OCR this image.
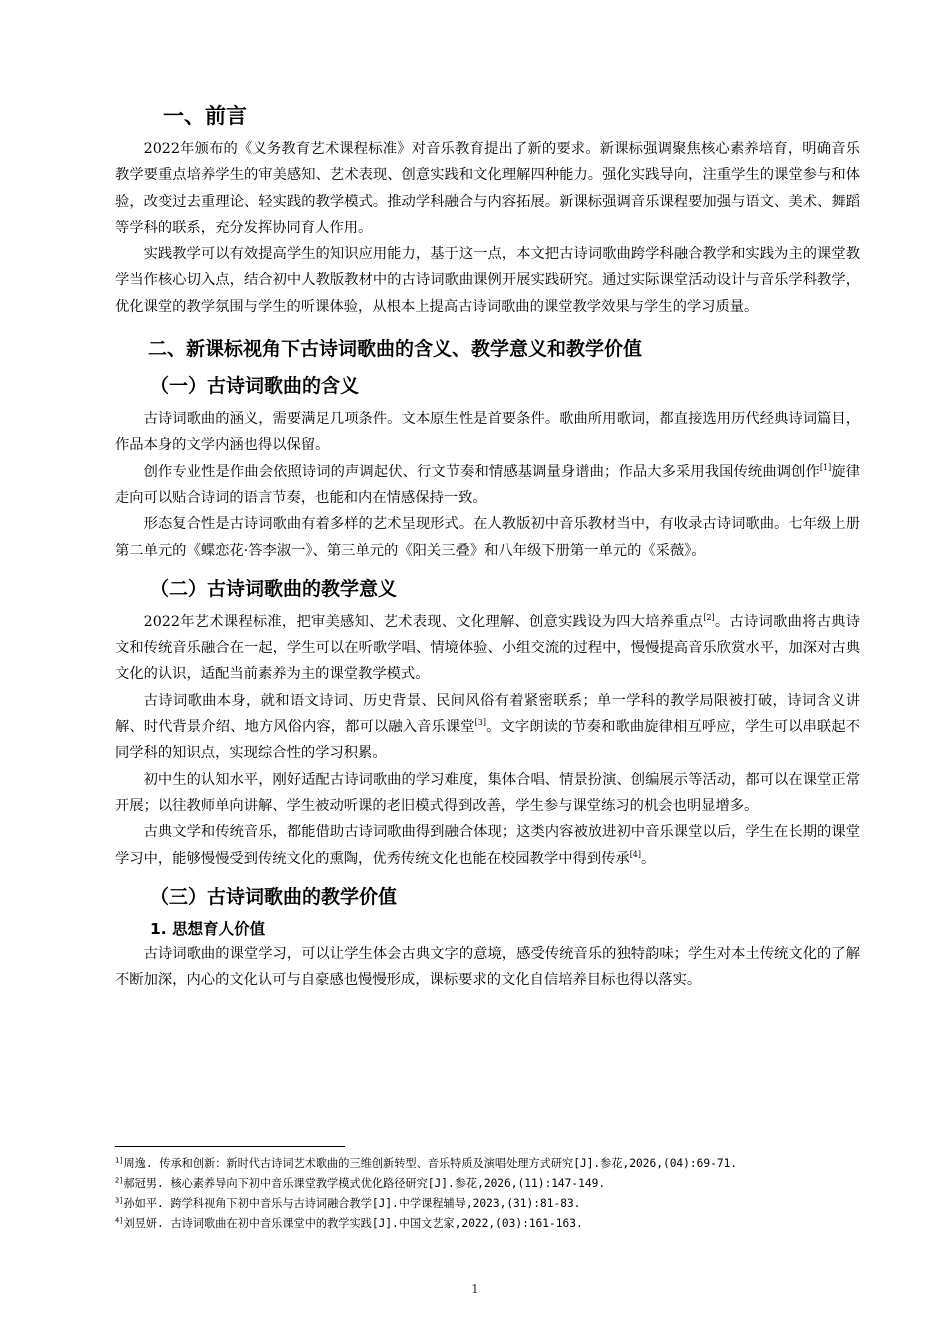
一、前言

2022年颁布的《义务教育艺术课程标准》对音乐教育提出了新的要求。新课标强调聚焦核心素养培育，明确音乐教学要重点培养学生的审美感知、艺术表现、创意实践和文化理解四种能力。强化实践导向，注重学生的课堂参与和体验，改变过去重理论、轻实践的教学模式。推动学科融合与内容拓展。新课标强调音乐课程要加强与语文、美术、舞蹈等学科的联系，充分发挥协同育人作用。

实践教学可以有效提高学生的知识应用能力，基于这一点，本文把古诗词歌曲跨学科融合教学和实践为主的课堂教学当作核心切入点，结合初中人教版教材中的古诗词歌曲课例开展实践研究。通过实际课堂活动设计与音乐学科教学，优化课堂的教学氛围与学生的听课体验，从根本上提高古诗词歌曲的课堂教学效果与学生的学习质量。

二、新课标视角下古诗词歌曲的含义、教学意义和教学价值
（一）古诗词歌曲的含义

古诗词歌曲的涵义，需要满足几项条件。文本原生性是首要条件。歌曲所用歌词，都直接选用历代经典诗词篇目，作品本身的文学内涵也得以保留。

创作专业性是作曲会依照诗词的声调起伏、行文节奏和情感基调量身谱曲；作品大多采用我国传统曲调创作[1]旋律走向可以贴合诗词的语言节奏，也能和内在情感保持一致。

形态复合性是古诗词歌曲有着多样的艺术呈现形式。在人教版初中音乐教材当中，有收录古诗词歌曲。七年级上册第二单元的《蝶恋花·答李淑一》、第三单元的《阳关三叠》和八年级下册第一单元的《采薇》。

（二）古诗词歌曲的教学意义

2022年艺术课程标准，把审美感知、艺术表现、文化理解、创意实践设为四大培养重点[2]。古诗词歌曲将古典诗文和传统音乐融合在一起，学生可以在听歌学唱、情境体验、小组交流的过程中，慢慢提高音乐欣赏水平，加深对古典文化的认识，适配当前素养为主的课堂教学模式。

古诗词歌曲本身，就和语文诗词、历史背景、民间风俗有着紧密联系；单一学科的教学局限被打破，诗词含义讲解、时代背景介绍、地方风俗内容，都可以融入音乐课堂[3]。文字朗读的节奏和歌曲旋律相互呼应，学生可以串联起不同学科的知识点，实现综合性的学习积累。

初中生的认知水平，刚好适配古诗词歌曲的学习难度，集体合唱、情景扮演、创编展示等活动，都可以在课堂正常开展；以往教师单向讲解、学生被动听课的老旧模式得到改善，学生参与课堂练习的机会也明显增多。

古典文学和传统音乐，都能借助古诗词歌曲得到融合体现；这类内容被放进初中音乐课堂以后，学生在长期的课堂学习中，能够慢慢受到传统文化的熏陶，优秀传统文化也能在校园教学中得到传承[4]。

（三）古诗词歌曲的教学价值
1. 思想育人价值

古诗词歌曲的课堂学习，可以让学生体会古典文字的意境，感受传统音乐的独特韵味；学生对本土传统文化的了解不断加深，内心的文化认可与自豪感也慢慢形成，课标要求的文化自信培养目标也得以落实。

$^{1]}$周逸. 传承和创新：新时代古诗词艺术歌曲的三维创新转型、音乐特质及演唱处理方式研究[J].参花,2026,(04):69-71.
$^{2]}$郝冠男. 核心素养导向下初中音乐课堂教学模式优化路径研究[J].参花,2026,(11):147-149.
$^{3]}$孙如平. 跨学科视角下初中音乐与古诗词融合教学[J].中学课程辅导,2023,(31):81-83.
$^{4]}$刘昱妍. 古诗词歌曲在初中音乐课堂中的教学实践[J].中国文艺家,2022,(03):161-163.
1
